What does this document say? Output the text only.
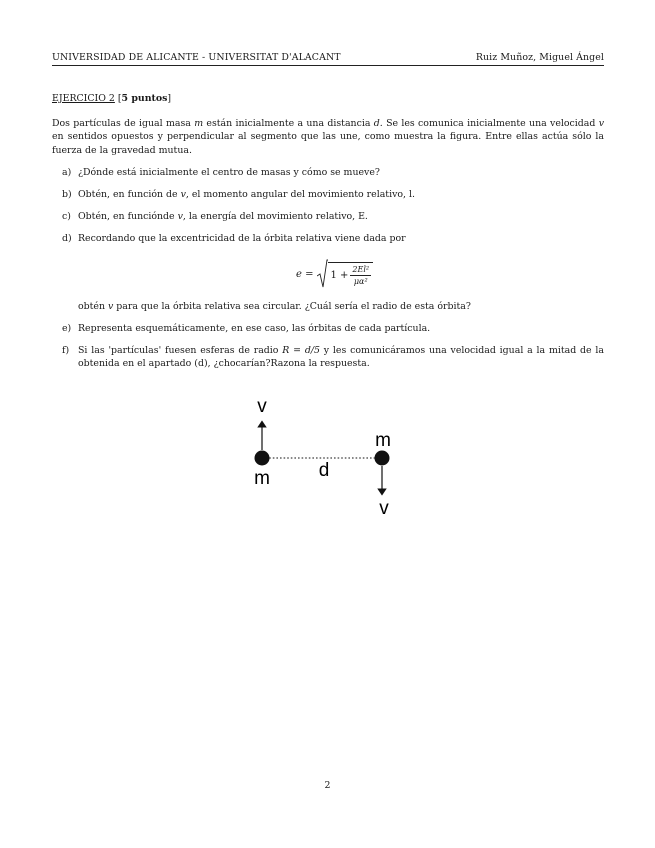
UNIVERSIDAD DE ALICANTE - UNIVERSITAT D'ALACANT	Ruiz Muñoz, Miguel Ángel
EJERCICIO 2 [5 puntos]

Dos partículas de igual masa m están inicialmente a una distancia d. Se les comunica inicialmente una velocidad v en sentidos opuestos y perpendicular al segmento que las une, como muestra la figura. Entre ellas actúa sólo la fuerza de la gravedad mutua.

a) ¿Dónde está inicialmente el centro de masas y cómo se mueve?
b) Obtén, en función de v, el momento angular del movimiento relativo, l.
c) Obtén, en funciónde v, la energía del movimiento relativo, E.
d) Recordando que la excentricidad de la órbita relativa viene dada por
$e = 1 + \frac{\text{2El²}}{\text{μα²}}$

obtén v para que la órbita relativa sea circular. ¿Cuál sería el radio de esta órbita?

e) Representa esquemáticamente, en ese caso, las órbitas de cada partícula.
f) Si las 'partículas' fuesen esferas de radio R = d/5 y les comunicáramos una velocidad igual a la mitad de la obtenida en el apartado (d), ¿chocarían?Razona la respuesta.
v
m	d
m
v
2
